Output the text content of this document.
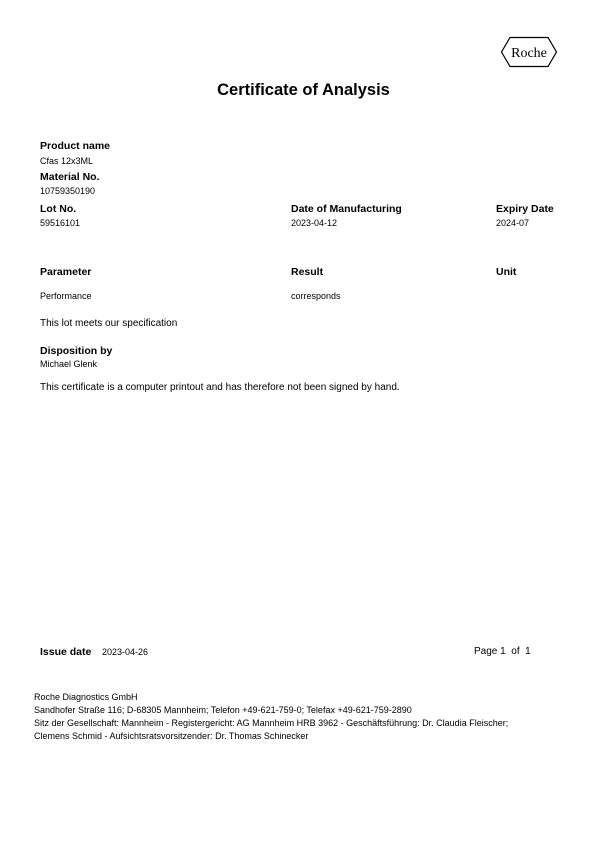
Roche
Certificate of Analysis
Product name
Cfas 12x3ML
Material No.
10759350190
Lot No.
59516101
Date of Manufacturing
2023-04-12
Expiry Date
2024-07
Parameter	Result	Unit
Performance	corresponds
This lot meets our specification
Disposition by
Michael Glenk
This certificate is a computer printout and has therefore not been signed by hand.
Issue date 2023-04-26	Page 1  of  1
Roche Diagnostics GmbH
Sandhofer Straße 116; D-68305 Mannheim; Telefon +49-621-759-0; Telefax +49-621-759-2890
Sitz der Gesellschaft: Mannheim - Registergericht: AG Mannheim HRB 3962 - Geschäftsführung: Dr. Claudia Fleischer;
Clemens Schmid - Aufsichtsratsvorsitzender: Dr. Thomas Schinecker
